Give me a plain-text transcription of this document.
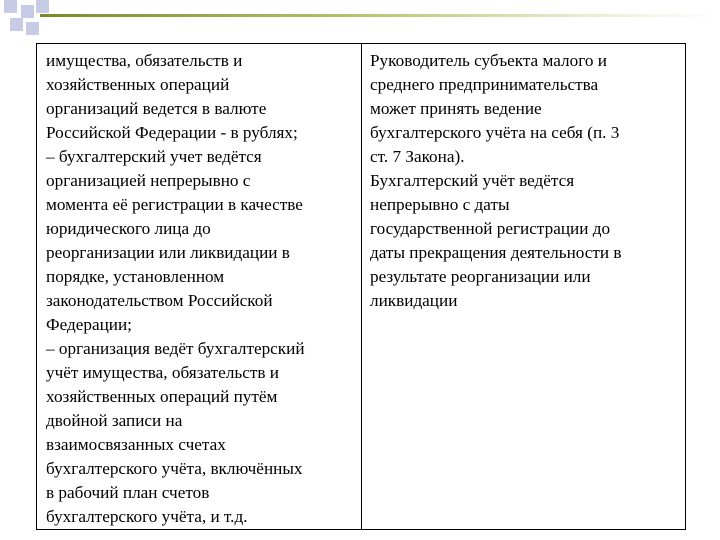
имущества, обязательств и
хозяйственных операций
организаций ведется в валюте
Российской Федерации - в рублях;
– бухгалтерский учет ведётся
организацией непрерывно с
момента её регистрации в качестве
юридического лица до
реорганизации или ликвидации в
порядке, установленном
законодательством Российской
Федерации;
– организация ведёт бухгалтерский
учёт имущества, обязательств и
хозяйственных операций путём
двойной записи на
взаимосвязанных счетах
бухгалтерского учёта, включённых
в рабочий план счетов
бухгалтерского учёта, и т.д.
Руководитель субъекта малого и
среднего предпринимательства
может принять ведение
бухгалтерского учёта на себя (п. 3
ст. 7 Закона).
Бухгалтерский учёт ведётся
непрерывно с даты
государственной регистрации до
даты прекращения деятельности в
результате реорганизации или
ликвидации
